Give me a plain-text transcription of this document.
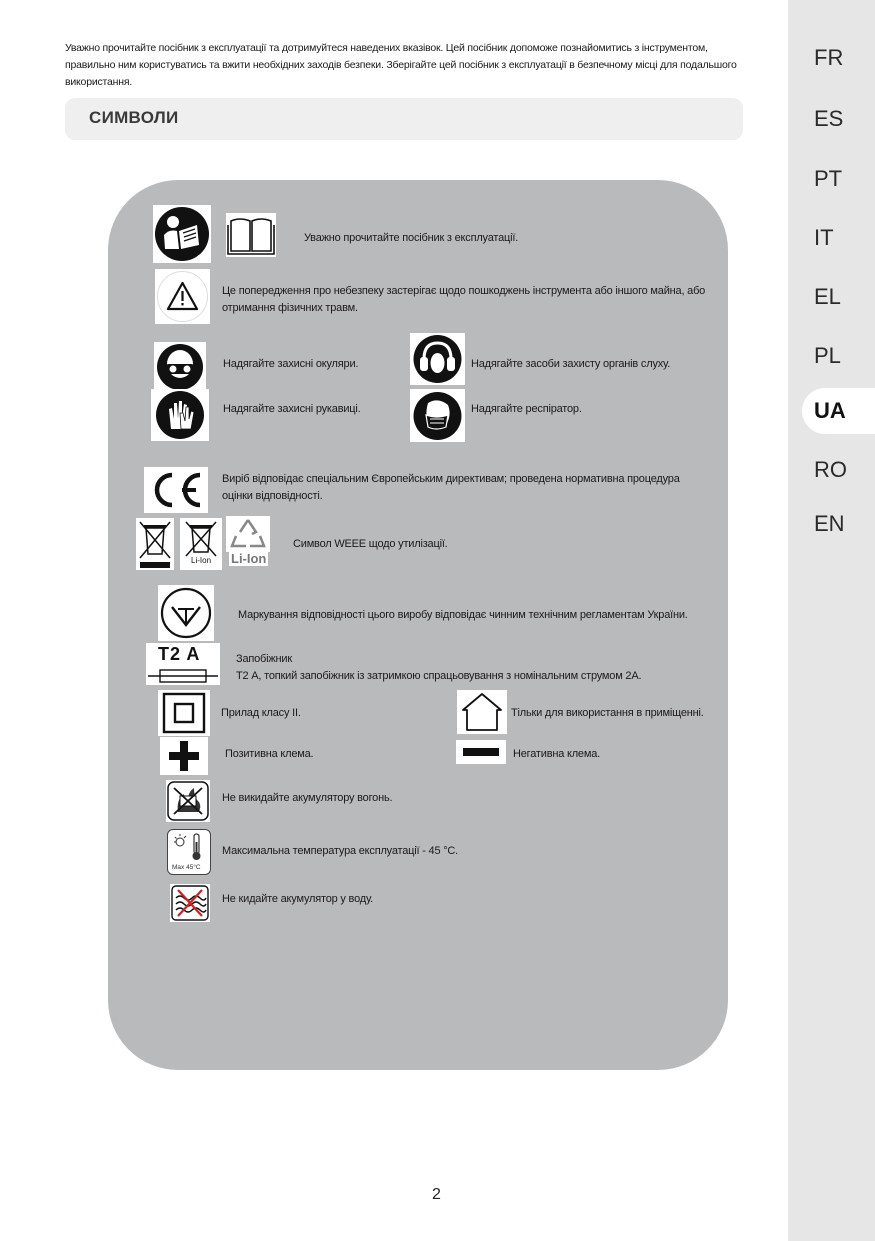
FR
ES
PT
IT
EL
PL
UA
RO
EN
Уважно прочитайте посібник з експлуатації та дотримуйтеся наведених вказівок. Цей посібник допоможе познайомитись з інструментом,
правильно ним користуватись та вжити необхідних заходів безпеки. Зберігайте цей посібник з експлуатації в безпечному місці для подальшого
використання.
СИМВОЛИ
Уважно прочитайте посібник з експлуатації.
Це попередження про небезпеку застерігає щодо пошкоджень інструмента або іншого майна, або
отримання фізичних травм.
Надягайте захисні окуляри.	Надягайте засоби захисту органів слуху.
Надягайте захисні рукавиці.	Надягайте респіратор.
Виріб відповідає спеціальним Європейським директивам; проведена нормативна процедура
оцінки відповідності.
Li-Ion Li-Ion
Символ WEEE щодо утилізації.
Маркування відповідності цього виробу відповідає чинним технічним регламентам України.
T2 A	Запобіжник
Т2 А, топкий запобіжник із затримкою спрацьовування з номінальним струмом 2А.
Прилад класу II.	Тільки для використання в приміщенні.
Позитивна клема.	Негативна клема.
Не викидайте акумулятору вогонь.
Max 45°C
Максимальна температура експлуатації - 45 °C.
Не кидайте акумулятор у воду.
2
